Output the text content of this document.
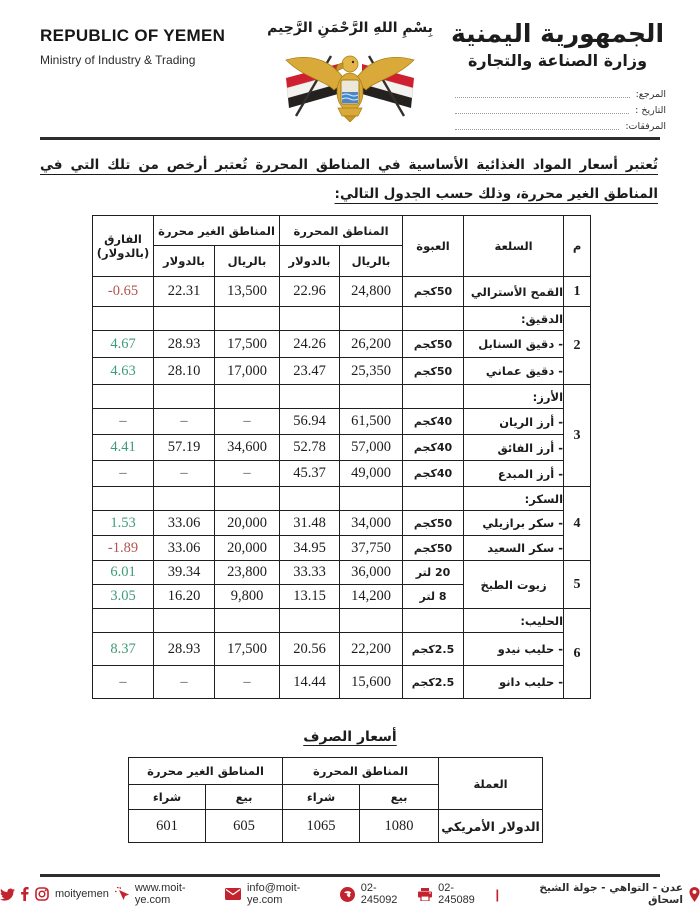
REPUBLIC OF YEMEN
Ministry of Industry & Trading
بِسْمِ اللهِ الرَّحْمَنِ الرَّحِيم الجمهورية اليمنية
وزارة الصناعة والتجارة
المرجع:
التاريخ :
المرفقات:
تُعتبر أسعار المواد الغذائية الأساسية في المناطق المحررة تُعتبر أرخص من تلك التي في المناطق الغير محررة، وذلك حسب الجدول التالي:
م	السلعة	العبوة	المناطق المحررة		المناطق الغير محررة		الفارق
(بالدولار)

			بالريال	بالدولار	بالريال	بالدولار	
1	القمح الأسترالي	50كجم	24,800	22.96	13,500	22.31	-0.65
2	الدقيق:						
	- دقيق السنابل	50كجم	26,200	24.26	17,500	28.93	4.67
	- دقيق عماني	50كجم	25,350	23.47	17,000	28.10	4.63
3	الأرز:						
	- أرز الريان	40كجم	61,500	56.94	–	–	–
	- أرز الفائق	40كجم	57,000	52.78	34,600	57.19	4.41
	- أرز المبدع	40كجم	49,000	45.37	–	–	–
4	السكر:						
	- سكر برازيلي	50كجم	34,000	31.48	20,000	33.06	1.53
	- سكر السعيد	50كجم	37,750	34.95	20,000	33.06	-1.89
5	زيوت الطبخ	20 لتر	36,000	33.33	23,800	39.34	6.01
		8 لتر	14,200	13.15	9,800	16.20	3.05
6	الحليب:						
	- حليب نيدو	2.5كجم	22,200	20.56	17,500	28.93	8.37
	- حليب دانو	2.5كجم	15,600	14.44	–	–	–
أسعار الصرف
العملة	المناطق المحررة		المناطق الغير محررة	
	بيع	شراء	بيع	شراء
الدولار الأمريكي	1080	1065	605	601
moityemen www.moit-ye.com
info@moit-ye.com
02-245092
02-245089	|	عدن - التواهي - جولة الشيخ اسحاق
